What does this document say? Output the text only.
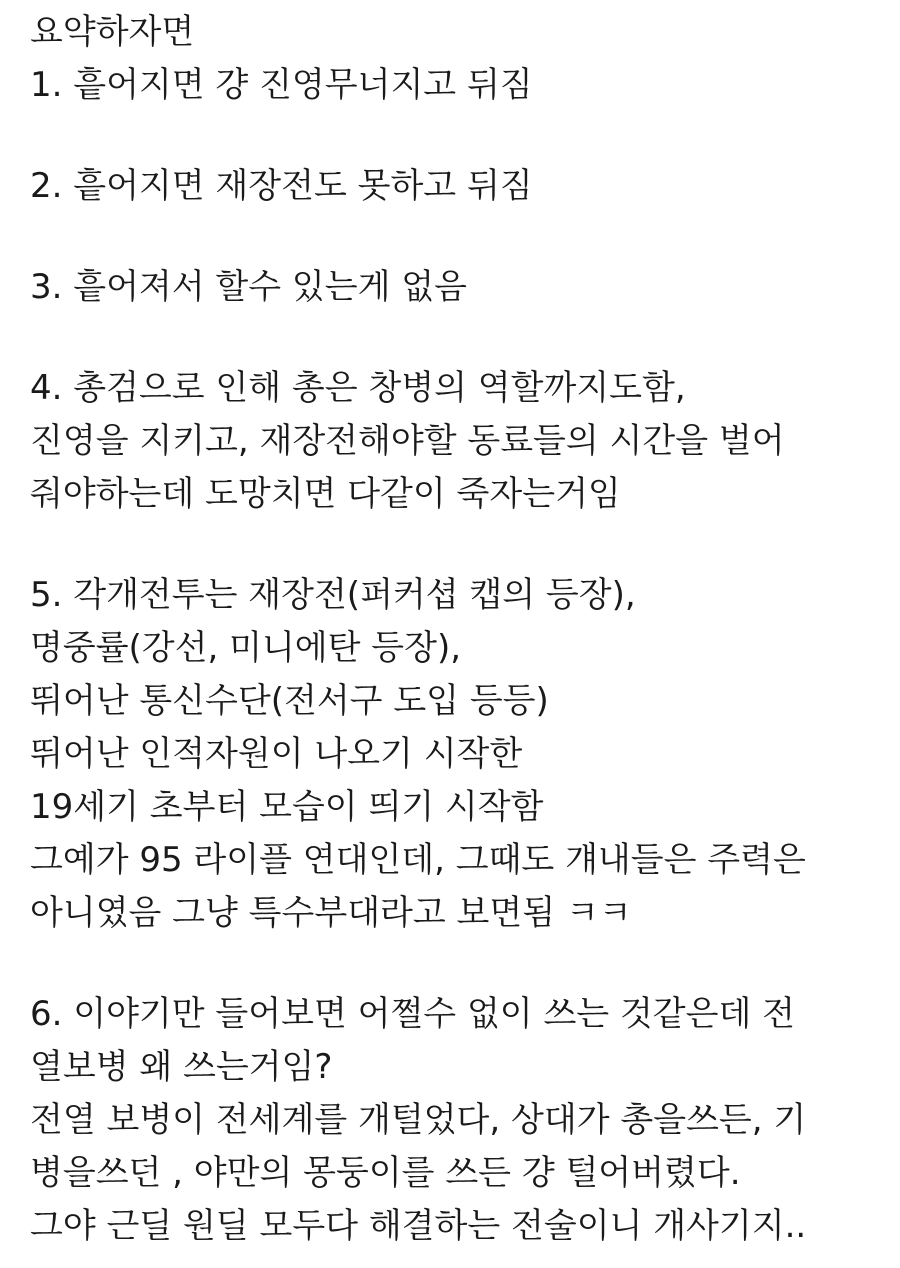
요약하자면
1. 흩어지면 걍 진영무너지고 뒤짐
2. 흩어지면 재장전도 못하고 뒤짐
3. 흩어져서 할수 있는게 없음
4. 총검으로 인해 총은 창병의 역할까지도함,
진영을 지키고, 재장전해야할 동료들의 시간을 벌어
줘야하는데 도망치면 다같이 죽자는거임
5. 각개전투는 재장전(퍼커셥 캡의 등장),
명중률(강선, 미니에탄 등장),
뛰어난 통신수단(전서구 도입 등등)
뛰어난 인적자원이 나오기 시작한
19세기 초부터 모습이 띄기 시작함
그예가 95 라이플 연대인데, 그때도 걔내들은 주력은
아니였음 그냥 특수부대라고 보면됨 ㅋㅋ
6. 이야기만 들어보면 어쩔수 없이 쓰는 것같은데 전
열보병 왜 쓰는거임?
전열 보병이 전세계를 개털었다, 상대가 총을쓰든, 기
병을쓰던 , 야만의 몽둥이를 쓰든 걍 털어버렸다.
그야 근딜 원딜 모두다 해결하는 전술이니 개사기지..
